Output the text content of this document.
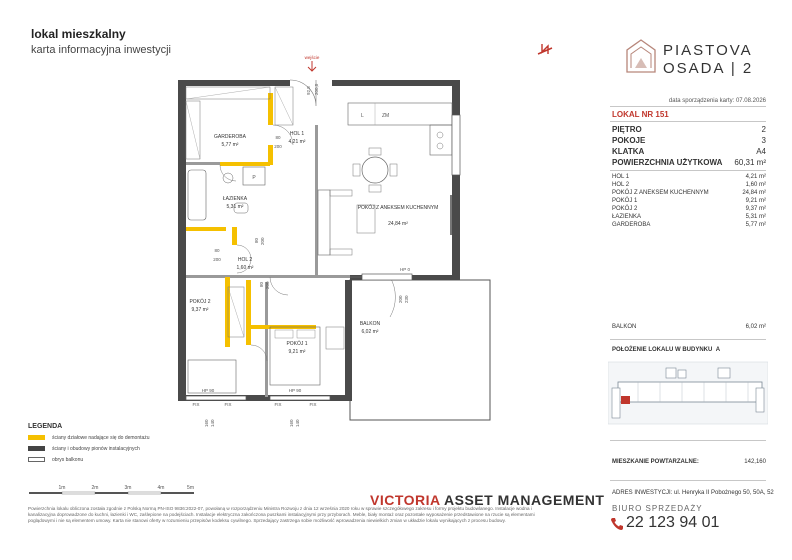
lokal mieszkalny
karta informacyjna inwestycji	PIASTOVA
OSADA | 2
data sporządzenia karty: 07.08.2026
LOKAL NR 151
PIĘTRO	2
POKOJE	3
KLATKA	A4
POWIERZCHNIA UŻYTKOWA 60,31 m²
HOL 1	4,21 m²
HOL 2	1,60 m²
POKÓJ Z ANEKSEM KUCHENNYM	24,84 m²
POKÓJ 1	9,21 m²
POKÓJ 2	9,37 m²
ŁAZIENKA	5,31 m²
GARDEROBA	5,77 m²
BALKON	6,02 m²
POŁOŻENIE LOKALU W BUDYNKU A
MIESZKANIE POWTARZALNE:	142,160
ADRES INWESTYCJI: ul. Henryka II Pobożnego 50, 50A, 52
BIURO SPRZEDAŻY
22 123 94 01
wejście
92,8 200,0
L	ZM
P
GARDEROBA
5,77 m²
HOL 1
4,21 m²
POKÓJ Z ANEKSEM KUCHENNYM
24,84 m²
ŁAZIENKA
5,31 m²
HOL 2
1,60 m²
POKÓJ 2
9,37 m²
POKÓJ 1
9,21 m²
BALKON
6,02 m²
80
200
80
200
HP 0
HP 90	HP 90
FIX	FIX	FIX	FIX
80 200
80 200
200 230
160 140	160 140
LEGENDA
ściany działowe nadające się do demontażu
ściany i obudowy pionów instalacyjnych
obrys balkonu
1m	2m	3m	4m	5m
VICTORIA ASSET MANAGEMENT
Powierzchnia lokalu obliczona została zgodnie z Polską Normą PN-ISO 9836:2022-07, powołaną w rozporządzeniu Ministra Rozwoju z dnia 12 września 2020 roku w sprawie szczegółowego zakresu i formy projektu budowlanego. Instalacje wodna i kanalizacyjna doprowadzone do kuchni, łazienki i WC, zaślepione na podejściach. Instalacje elektryczna zakończona puszkami instalacyjnymi przy przyborach. Meble, biały montaż oraz pozostałe wyposażenie przedstawione na rzucie są elementami poglądowymi i nie są elementem umowy. Karta nie stanowi oferty w rozumieniu przepisów kodeksu cywilnego. Sprzedający zastrzega sobie możliwość wprowadzenia niewielkich zmian w układzie lokalu wynikających z procesu budowy.
